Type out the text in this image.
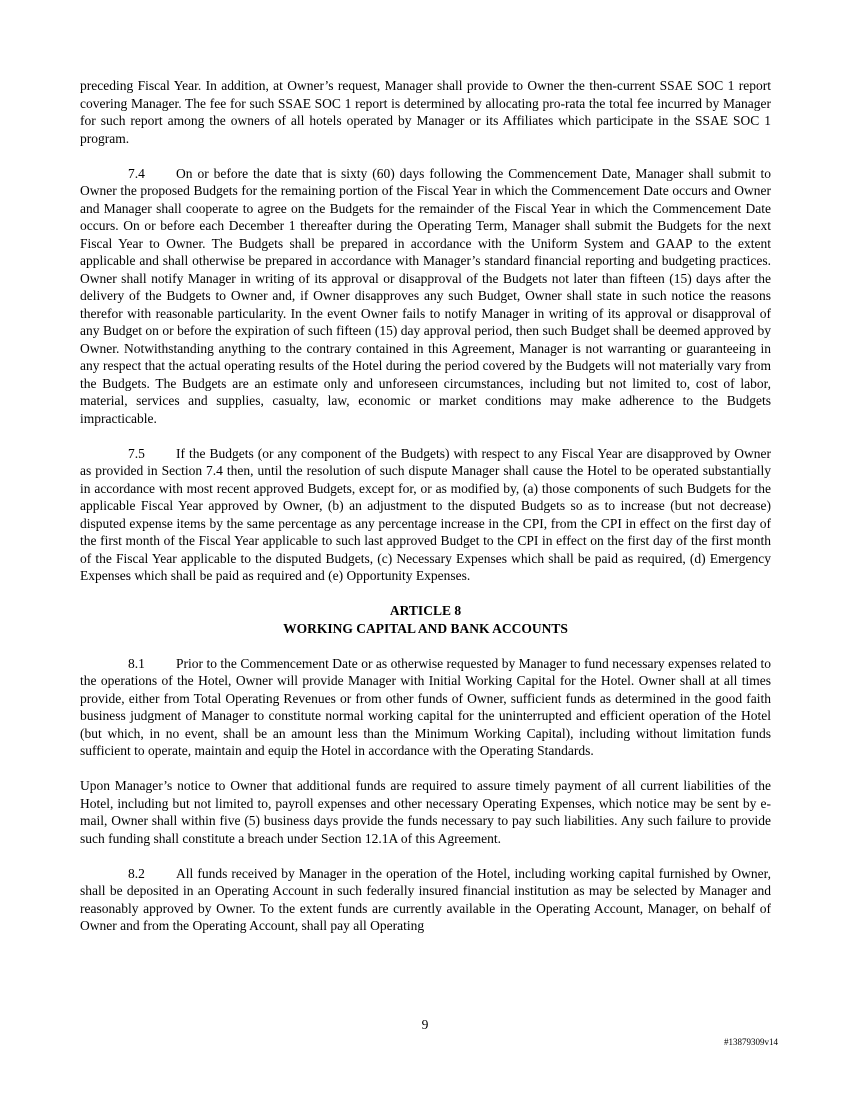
preceding Fiscal Year. In addition, at Owner’s request, Manager shall provide to Owner the then-current SSAE SOC 1 report covering Manager. The fee for such SSAE SOC 1 report is determined by allocating pro-rata the total fee incurred by Manager for such report among the owners of all hotels operated by Manager or its Affiliates which participate in the SSAE SOC 1 program.

7.4 On or before the date that is sixty (60) days following the Commencement Date, Manager shall submit to Owner the proposed Budgets for the remaining portion of the Fiscal Year in which the Commencement Date occurs and Owner and Manager shall cooperate to agree on the Budgets for the remainder of the Fiscal Year in which the Commencement Date occurs. On or before each December 1 thereafter during the Operating Term, Manager shall submit the Budgets for the next Fiscal Year to Owner. The Budgets shall be prepared in accordance with the Uniform System and GAAP to the extent applicable and shall otherwise be prepared in accordance with Manager’s standard financial reporting and budgeting practices. Owner shall notify Manager in writing of its approval or disapproval of the Budgets not later than fifteen (15) days after the delivery of the Budgets to Owner and, if Owner disapproves any such Budget, Owner shall state in such notice the reasons therefor with reasonable particularity. In the event Owner fails to notify Manager in writing of its approval or disapproval of any Budget on or before the expiration of such fifteen (15) day approval period, then such Budget shall be deemed approved by Owner. Notwithstanding anything to the contrary contained in this Agreement, Manager is not warranting or guaranteeing in any respect that the actual operating results of the Hotel during the period covered by the Budgets will not materially vary from the Budgets. The Budgets are an estimate only and unforeseen circumstances, including but not limited to, cost of labor, material, services and supplies, casualty, law, economic or market conditions may make adherence to the Budgets impracticable.

7.5 If the Budgets (or any component of the Budgets) with respect to any Fiscal Year are disapproved by Owner as provided in Section 7.4 then, until the resolution of such dispute Manager shall cause the Hotel to be operated substantially in accordance with most recent approved Budgets, except for, or as modified by, (a) those components of such Budgets for the applicable Fiscal Year approved by Owner, (b) an adjustment to the disputed Budgets so as to increase (but not decrease) disputed expense items by the same percentage as any percentage increase in the CPI, from the CPI in effect on the first day of the first month of the Fiscal Year applicable to such last approved Budget to the CPI in effect on the first day of the first month of the Fiscal Year applicable to the disputed Budgets, (c) Necessary Expenses which shall be paid as required, (d) Emergency Expenses which shall be paid as required and (e) Opportunity Expenses.

ARTICLE 8
WORKING CAPITAL AND BANK ACCOUNTS

8.1 Prior to the Commencement Date or as otherwise requested by Manager to fund necessary expenses related to the operations of the Hotel, Owner will provide Manager with Initial Working Capital for the Hotel. Owner shall at all times provide, either from Total Operating Revenues or from other funds of Owner, sufficient funds as determined in the good faith business judgment of Manager to constitute normal working capital for the uninterrupted and efficient operation of the Hotel (but which, in no event, shall be an amount less than the Minimum Working Capital), including without limitation funds sufficient to operate, maintain and equip the Hotel in accordance with the Operating Standards.

Upon Manager’s notice to Owner that additional funds are required to assure timely payment of all current liabilities of the Hotel, including but not limited to, payroll expenses and other necessary Operating Expenses, which notice may be sent by e-mail, Owner shall within five (5) business days provide the funds necessary to pay such liabilities. Any such failure to provide such funding shall constitute a breach under Section 12.1A of this Agreement.

8.2 All funds received by Manager in the operation of the Hotel, including working capital furnished by Owner, shall be deposited in an Operating Account in such federally insured financial institution as may be selected by Manager and reasonably approved by Owner. To the extent funds are currently available in the Operating Account, Manager, on behalf of Owner and from the Operating Account, shall pay all Operating

9
#13879309v14
